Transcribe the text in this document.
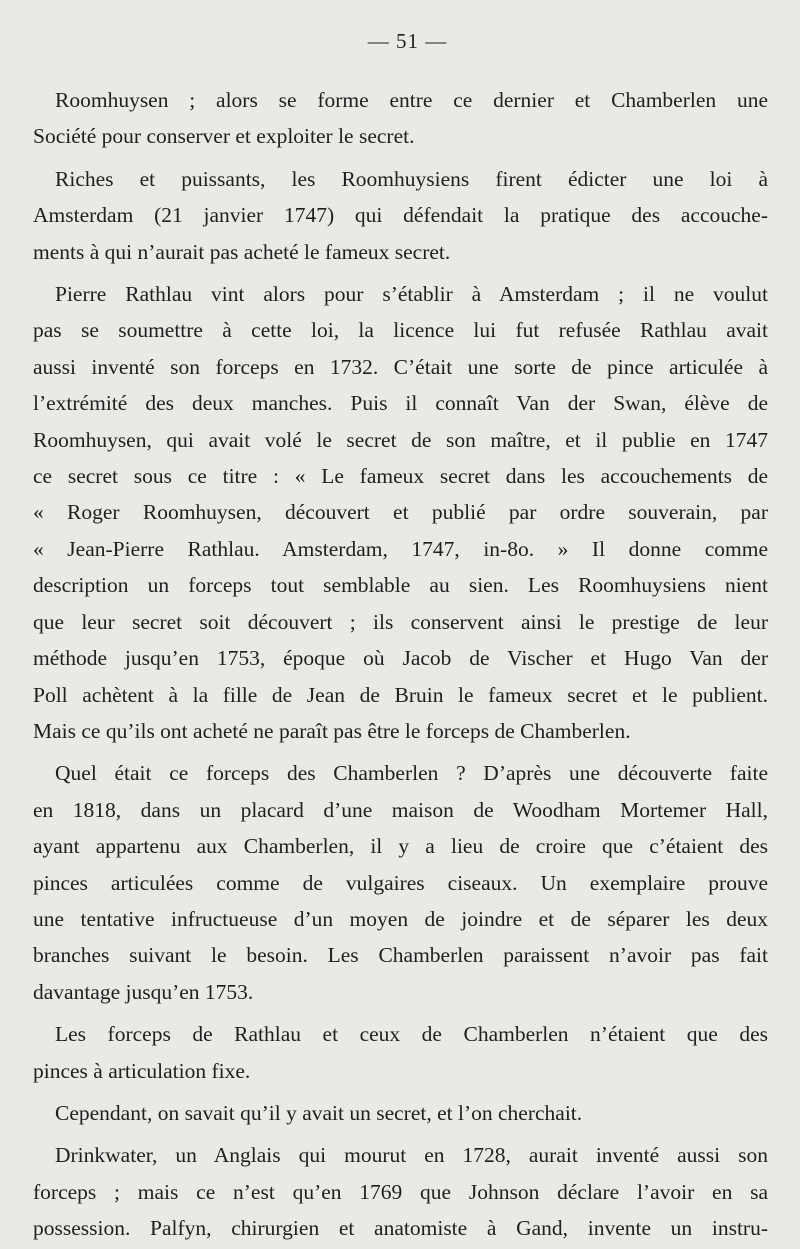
— 51 —
Roomhuysen ; alors se forme entre ce dernier et Chamberlen une
Société pour conserver et exploiter le secret.
Riches et puissants, les Roomhuysiens firent édicter une loi à
Amsterdam (21 janvier 1747) qui défendait la pratique des accouche-
ments à qui n’aurait pas acheté le fameux secret.
Pierre Rathlau vint alors pour s’établir à Amsterdam ; il ne voulut
pas se soumettre à cette loi, la licence lui fut refusée Rathlau avait
aussi inventé son forceps en 1732. C’était une sorte de pince articulée à
l’extrémité des deux manches. Puis il connaît Van der Swan, élève de
Roomhuysen, qui avait volé le secret de son maître, et il publie en 1747
ce secret sous ce titre : « Le fameux secret dans les accouchements de
« Roger Roomhuysen, découvert et publié par ordre souverain, par
« Jean-Pierre Rathlau. Amsterdam, 1747, in-8o. » Il donne comme
description un forceps tout semblable au sien. Les Roomhuysiens nient
que leur secret soit découvert ; ils conservent ainsi le prestige de leur
méthode jusqu’en 1753, époque où Jacob de Vischer et Hugo Van der
Poll achètent à la fille de Jean de Bruin le fameux secret et le publient.
Mais ce qu’ils ont acheté ne paraît pas être le forceps de Chamberlen.
Quel était ce forceps des Chamberlen ? D’après une découverte faite
en 1818, dans un placard d’une maison de Woodham Mortemer Hall,
ayant appartenu aux Chamberlen, il y a lieu de croire que c’étaient des
pinces articulées comme de vulgaires ciseaux. Un exemplaire prouve
une tentative infructueuse d’un moyen de joindre et de séparer les deux
branches suivant le besoin. Les Chamberlen paraissent n’avoir pas fait
davantage jusqu’en 1753.
Les forceps de Rathlau et ceux de Chamberlen n’étaient que des
pinces à articulation fixe.
Cependant, on savait qu’il y avait un secret, et l’on cherchait.
Drinkwater, un Anglais qui mourut en 1728, aurait inventé aussi son
forceps ; mais ce n’est qu’en 1769 que Johnson déclare l’avoir en sa
possession. Palfyn, chirurgien et anatomiste à Gand, invente un instru-
